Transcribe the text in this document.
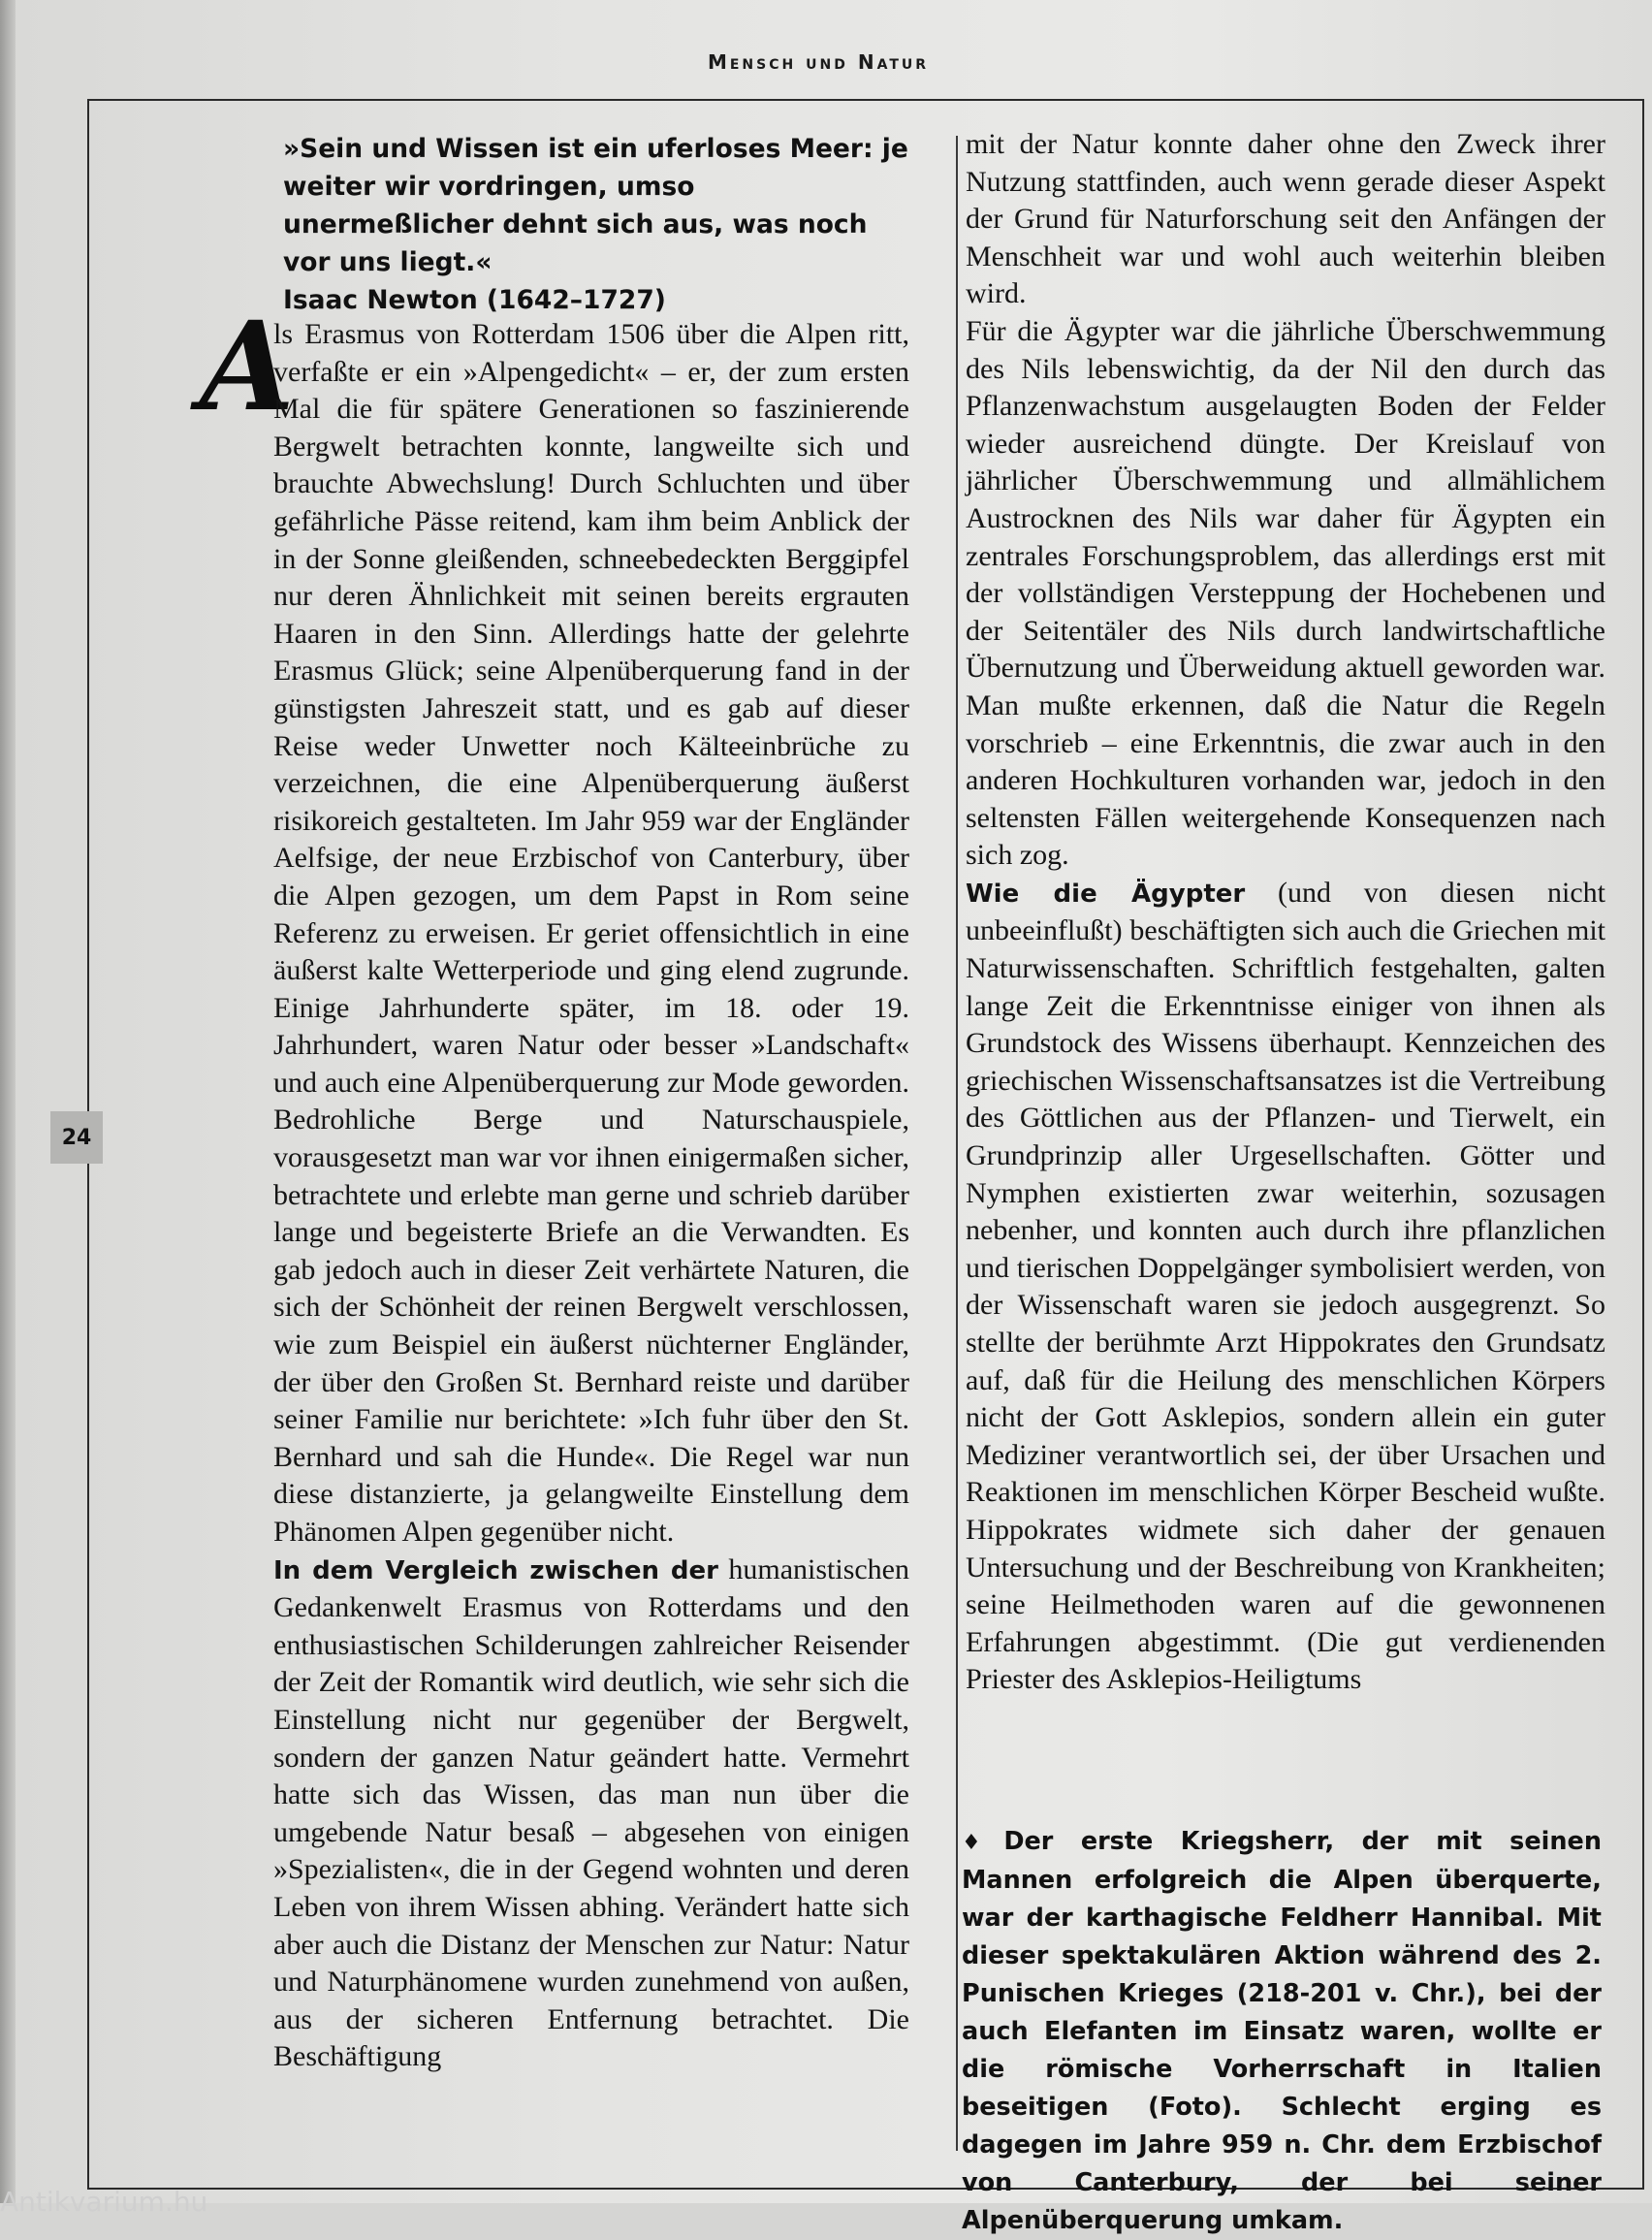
Mensch und Natur
24

»Sein und Wissen ist ein uferloses Meer: je weiter wir vordringen, umso unermeßlicher dehnt sich aus, was noch vor uns liegt.«

Isaac Newton (1642–1727)

A
ls Erasmus von Rotterdam 1506 über die Alpen ritt, verfaßte er ein »Alpengedicht« – er, der zum ersten Mal die für spätere Generationen so faszinierende Bergwelt betrachten konnte, langweilte sich und brauchte Abwechslung! Durch Schluchten und über gefährliche Pässe reitend, kam ihm beim Anblick der in der Sonne gleißenden, schneebedeckten Berggipfel nur deren Ähnlichkeit mit seinen bereits ergrauten Haaren in den Sinn. Allerdings hatte der gelehrte Erasmus Glück; seine Alpenüberquerung fand in der günstigsten Jahreszeit statt, und es gab auf dieser Reise weder Unwetter noch Kälteeinbrüche zu verzeichnen, die eine Alpenüberquerung äußerst risikoreich gestalteten. Im Jahr 959 war der Engländer Aelfsige, der neue Erzbischof von Canterbury, über die Alpen gezogen, um dem Papst in Rom seine Referenz zu erweisen. Er geriet offensichtlich in eine äußerst kalte Wetterperiode und ging elend zugrunde. Einige Jahrhunderte später, im 18. oder 19. Jahrhundert, waren Natur oder besser »Landschaft« und auch eine Alpenüberquerung zur Mode geworden. Bedrohliche Berge und Naturschauspiele, vorausgesetzt man war vor ihnen einigermaßen sicher, betrachtete und erlebte man gerne und schrieb darüber lange und begeisterte Briefe an die Verwandten. Es gab jedoch auch in dieser Zeit verhärtete Naturen, die sich der Schönheit der reinen Bergwelt verschlossen, wie zum Beispiel ein äußerst nüchterner Engländer, der über den Großen St. Bernhard reiste und darüber seiner Familie nur berichtete: »Ich fuhr über den St. Bernhard und sah die Hunde«. Die Regel war nun diese distanzierte, ja gelangweilte Einstellung dem Phänomen Alpen gegenüber nicht.

In dem Vergleich zwischen der humanistischen Gedankenwelt Erasmus von Rotterdams und den enthusiastischen Schilderungen zahlreicher Reisender der Zeit der Romantik wird deutlich, wie sehr sich die Einstellung nicht nur gegenüber der Bergwelt, sondern der ganzen Natur geändert hatte. Vermehrt hatte sich das Wissen, das man nun über die umgebende Natur besaß – abgesehen von einigen »Spezialisten«, die in der Gegend wohnten und deren Leben von ihrem Wissen abhing. Verändert hatte sich aber auch die Distanz der Menschen zur Natur: Natur und Naturphänomene wurden zunehmend von außen, aus der sicheren Entfernung betrachtet. Die Beschäftigung

mit der Natur konnte daher ohne den Zweck ihrer Nutzung stattfinden, auch wenn gerade dieser Aspekt der Grund für Naturforschung seit den Anfängen der Menschheit war und wohl auch weiterhin bleiben wird.

Für die Ägypter war die jährliche Überschwemmung des Nils lebenswichtig, da der Nil den durch das Pflanzenwachstum ausgelaugten Boden der Felder wieder ausreichend düngte. Der Kreislauf von jährlicher Überschwemmung und allmählichem Austrocknen des Nils war daher für Ägypten ein zentrales Forschungsproblem, das allerdings erst mit der vollständigen Versteppung der Hochebenen und der Seitentäler des Nils durch landwirtschaftliche Übernutzung und Überweidung aktuell geworden war. Man mußte erkennen, daß die Natur die Regeln vorschrieb – eine Erkenntnis, die zwar auch in den anderen Hochkulturen vorhanden war, jedoch in den seltensten Fällen weitergehende Konsequenzen nach sich zog.

Wie die Ägypter (und von diesen nicht unbeeinflußt) beschäftigten sich auch die Griechen mit Naturwissenschaften. Schriftlich festgehalten, galten lange Zeit die Erkenntnisse einiger von ihnen als Grundstock des Wissens überhaupt. Kennzeichen des griechischen Wissenschaftsansatzes ist die Vertreibung des Göttlichen aus der Pflanzen- und Tierwelt, ein Grundprinzip aller Urgesellschaften. Götter und Nymphen existierten zwar weiterhin, sozusagen nebenher, und konnten auch durch ihre pflanzlichen und tierischen Doppelgänger symbolisiert werden, von der Wissenschaft waren sie jedoch ausgegrenzt. So stellte der berühmte Arzt Hippokrates den Grundsatz auf, daß für die Heilung des menschlichen Körpers nicht der Gott Asklepios, sondern allein ein guter Mediziner verantwortlich sei, der über Ursachen und Reaktionen im menschlichen Körper Bescheid wußte. Hippokrates widmete sich daher der genauen Untersuchung und der Beschreibung von Krankheiten; seine Heilmethoden waren auf die gewonnenen Erfahrungen abgestimmt. (Die gut verdienenden Priester des Asklepios-Heiligtums

♦ Der erste Kriegsherr, der mit seinen Mannen erfolgreich die Alpen überquerte, war der karthagische Feldherr Hannibal. Mit dieser spektakulären Aktion während des 2. Punischen Krieges (218-201 v. Chr.), bei der auch Elefanten im Einsatz waren, wollte er die römische Vorherrschaft in Italien beseitigen (Foto). Schlecht erging es dagegen im Jahre 959 n. Chr. dem Erzbischof von Canterbury, der bei seiner Alpenüberquerung umkam.

Antikvarium.hu
